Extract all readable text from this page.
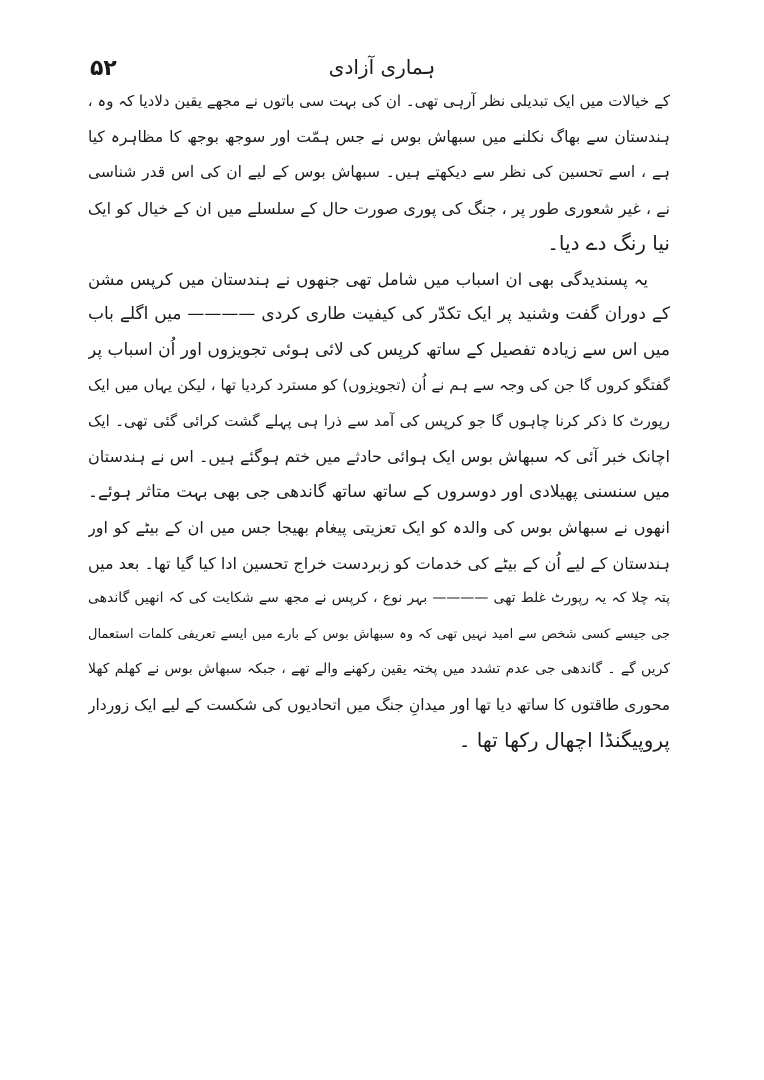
۵۲	ہماری آزادی
کے خیالات میں ایک تبدیلی نظر آرہی تھی۔ ان کی بہت سی باتوں نے مجھے یقین دلادیا کہ وہ ،
ہندستان سے بھاگ نکلنے میں سبھاش بوس نے جس ہمّت اور سوجھ بوجھ کا مظاہرہ کیا
ہے ، اسے تحسین کی نظر سے دیکھتے ہیں۔ سبھاش بوس کے لیے ان کی اس قدر شناسی
نے ، غیر شعوری طور پر ، جنگ کی پوری صورت حال کے سلسلے میں ان کے خیال کو ایک
نیا رنگ دے دیا۔
یہ پسندیدگی بھی ان اسباب میں شامل تھی جنھوں نے ہندستان میں کرپس مشن
کے دوران گفت وشنید پر ایک تکدّر کی کیفیت طاری کردی ———— میں اگلے باب
میں اس سے زیادہ تفصیل کے ساتھ کرپس کی لائی ہوئی تجویزوں اور اُن اسباب پر
گفتگو کروں گا جن کی وجہ سے ہم نے اُن (تجویزوں) کو مسترد کردیا تھا ، لیکن یہاں میں ایک
رپورٹ کا ذکر کرنا چاہوں گا جو کرپس کی آمد سے ذرا ہی پہلے گشت کرائی گئی تھی۔ ایک
اچانک خبر آئی کہ سبھاش بوس ایک ہوائی حادثے میں ختم ہوگئے ہیں۔ اس نے ہندستان
میں سنسنی پھیلادی اور دوسروں کے ساتھ ساتھ گاندھی جی بھی بہت متاثر ہوئے۔
انھوں نے سبھاش بوس کی والدہ کو ایک تعزیتی پیغام بھیجا جس میں ان کے بیٹے کو اور
ہندستان کے لیے اُن کے بیٹے کی خدمات کو زبردست خراج تحسین ادا کیا گیا تھا۔ بعد میں
پتہ چلا کہ یہ رپورٹ غلط تھی ———— بہر نوع ، کرپس نے مجھ سے شکایت کی کہ انھیں گاندھی
جی جیسے کسی شخص سے امید نہیں تھی کہ وہ سبھاش بوس کے بارے میں ایسے تعریفی کلمات استعمال
کریں گے ۔ گاندھی جی عدم تشدد میں پختہ یقین رکھنے والے تھے ، جبکہ سبھاش بوس نے کھلم کھلا
محوری طاقتوں کا ساتھ دیا تھا اور میدانِ جنگ میں اتحادیوں کی شکست کے لیے ایک زوردار
پروپیگنڈا اچھال رکھا تھا ۔
